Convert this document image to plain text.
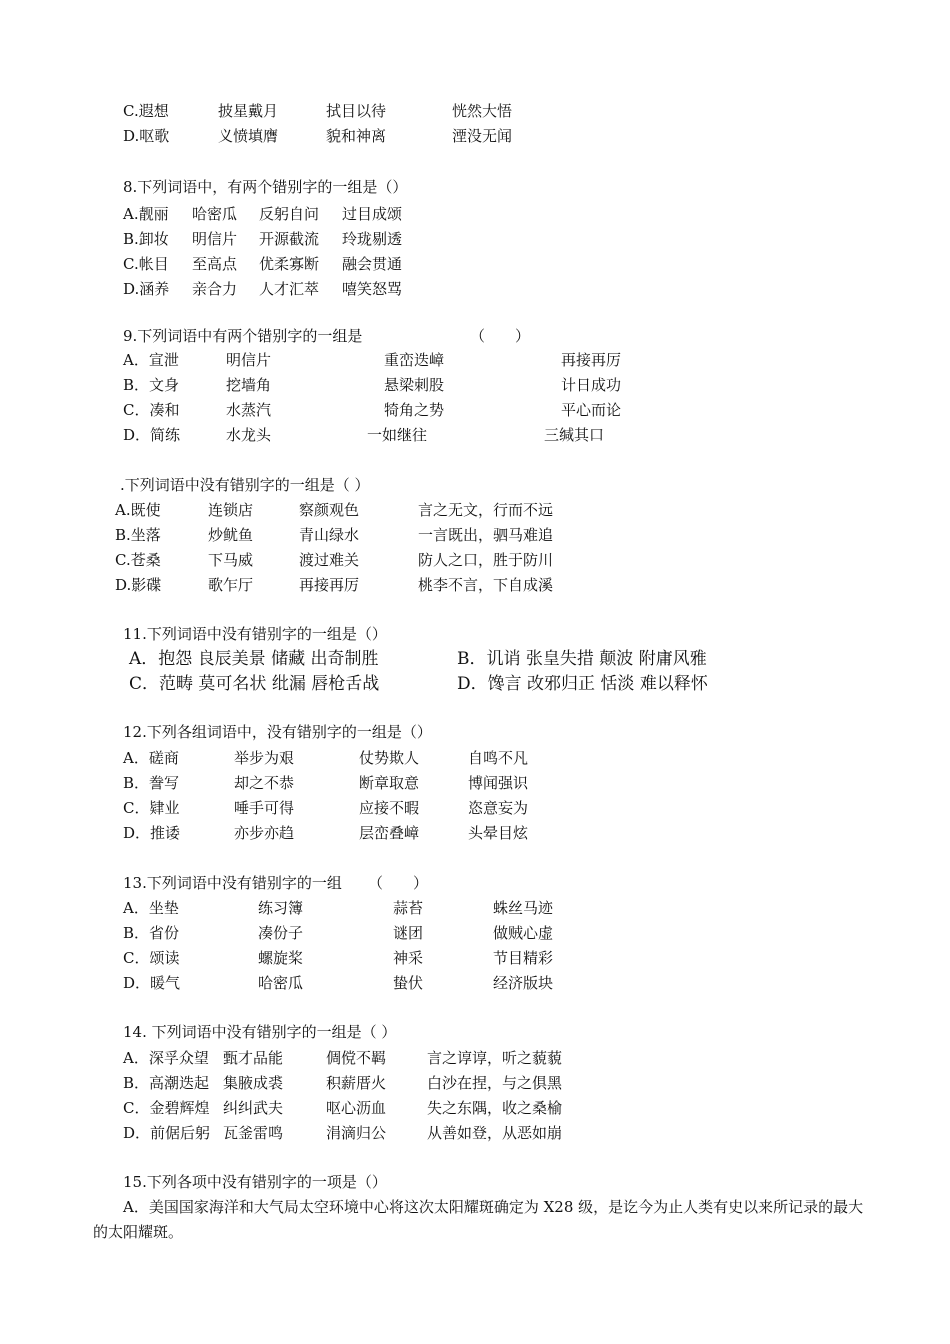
C.遐想	披星戴月	拭目以待	恍然大悟
D.呕歌	义愤填膺	貌和神离	湮没无闻
8.下列词语中，有两个错别字的一组是（）
A.靓丽 哈密瓜 反躬自问 过目成颂
B.卸妆 明信片 开源截流 玲珑剔透
C.帐目 至高点 优柔寡断 融会贯通
D.涵养 亲合力 人才汇萃 嘻笑怒骂
9.下列词语中有两个错别字的一组是	（　　）
A．宣泄	明信片	重峦迭嶂	再接再厉
B．文身	挖墙角	悬梁刺股	计日成功
C．凑和	水蒸汽	犄角之势	平心而论
D．简练	水龙头	一如继往	三缄其口
.下列词语中没有错别字的一组是（ ）
A.既使	连锁店	察颜观色	言之无文，行而不远
B.坐落	炒鱿鱼	青山绿水	一言既出，驷马难追
C.苍桑	下马威	渡过难关	防人之口，胜于防川
D.影碟	歌乍厅	再接再厉	桃李不言，下自成溪
11.下列词语中没有错别字的一组是（）
A．抱怨 良辰美景 储藏 出奇制胜	B．讥诮 张皇失措 颠波 附庸风雅
C．范畴 莫可名状 纰漏 唇枪舌战	D．馋言 改邪归正 恬淡 难以释怀
12.下列各组词语中，没有错别字的一组是（）
A．磋商	举步为艰	仗势欺人	自鸣不凡
B．誊写	却之不恭	断章取意	博闻强识
C．肄业	唾手可得	应接不暇	恣意妄为
D．推诿	亦步亦趋	层峦叠嶂	头晕目炫
13.下列词语中没有错别字的一组 （　　）
A．坐垫	练习簿	蒜苔	蛛丝马迹
B．省份	凑份子	谜团	做贼心虚
C．颂读	螺旋桨	神采	节目精彩
D．暖气	哈密瓜	蛰伏	经济版块
14. 下列词语中没有错别字的一组是（ ）
A．深孚众望 甄才品能	倜傥不羁	言之谆谆，听之藐藐
B．高潮迭起 集腋成裘	积薪厝火	白沙在捏，与之俱黑
C．金碧辉煌 纠纠武夫	呕心沥血	失之东隅，收之桑榆
D．前倨后躬 瓦釜雷鸣	涓滴归公	从善如登，从恶如崩
15.下列各项中没有错别字的一项是（）
A．美国国家海洋和大气局太空环境中心将这次太阳耀斑确定为 X28 级，是讫今为止人类有史以来所记录的最大的太阳耀斑。
